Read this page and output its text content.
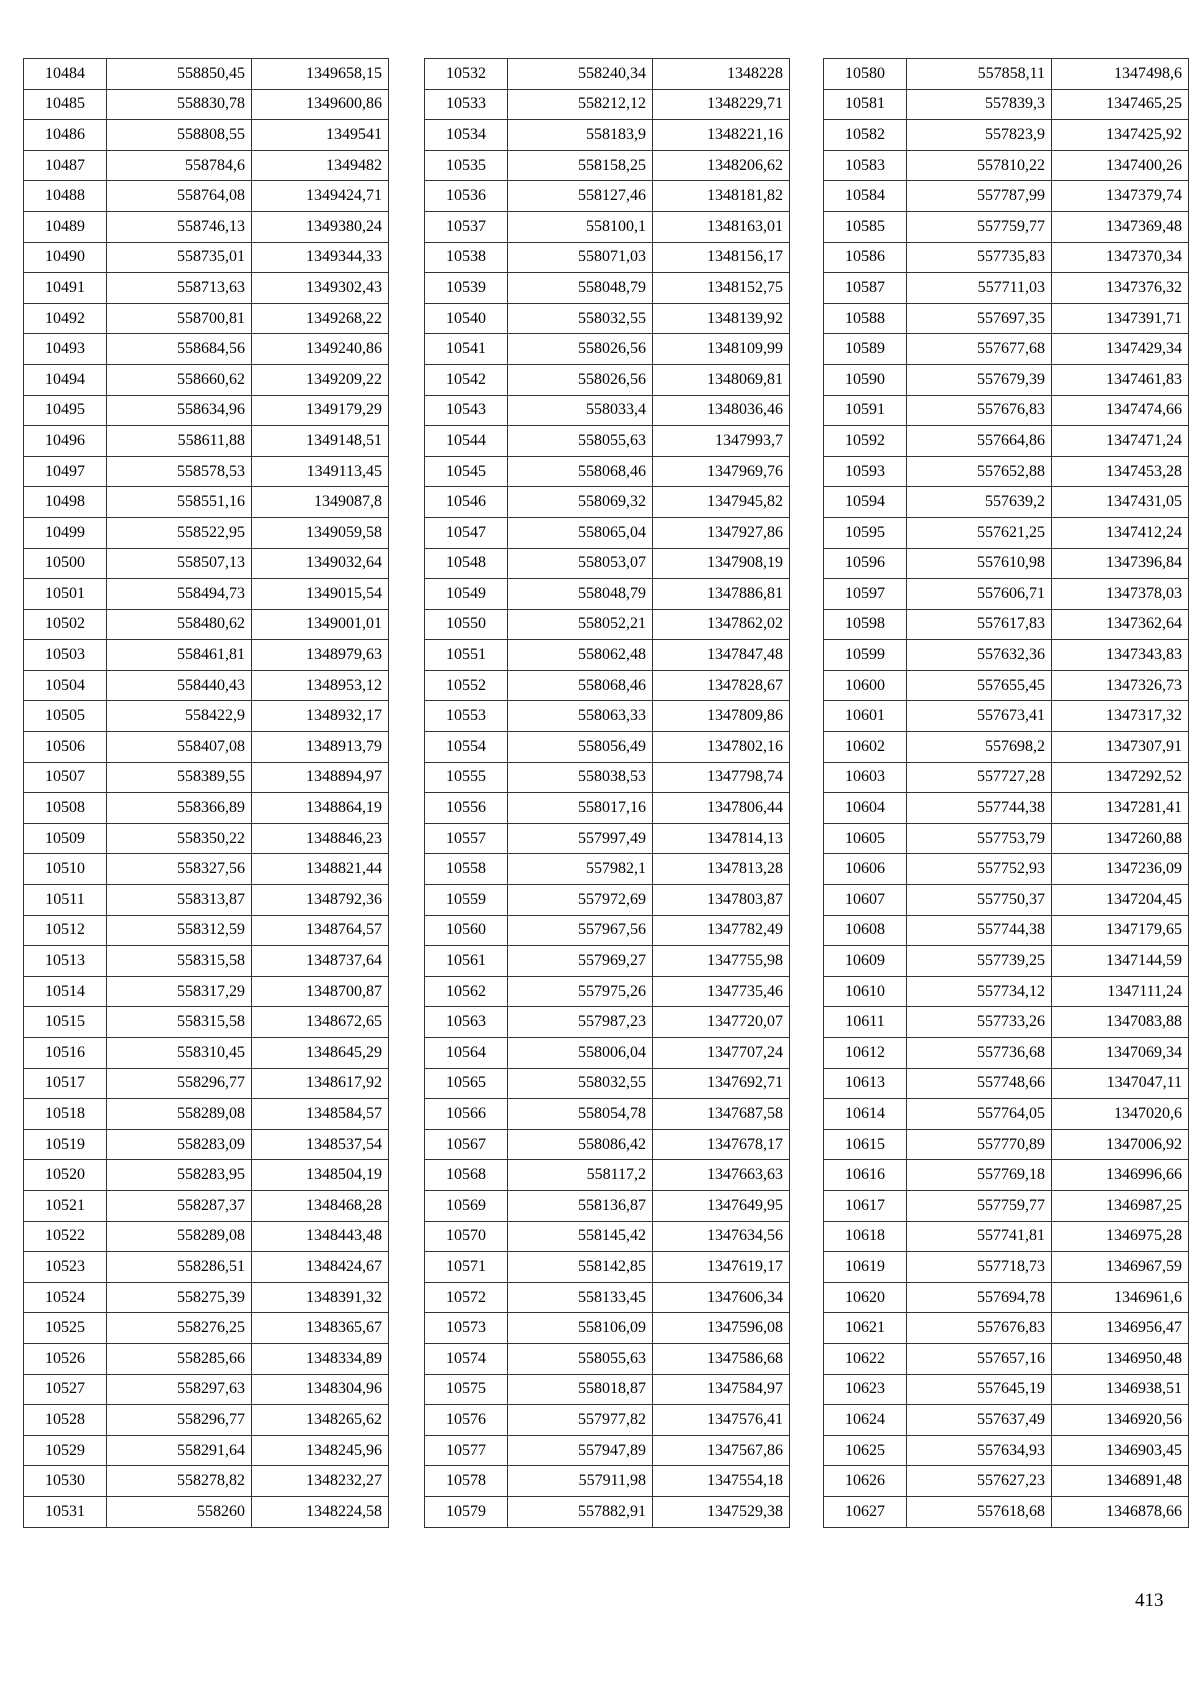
10484	558850,45	1349658,15
10485	558830,78	1349600,86
10486	558808,55	1349541
10487	558784,6	1349482
10488	558764,08	1349424,71
10489	558746,13	1349380,24
10490	558735,01	1349344,33
10491	558713,63	1349302,43
10492	558700,81	1349268,22
10493	558684,56	1349240,86
10494	558660,62	1349209,22
10495	558634,96	1349179,29
10496	558611,88	1349148,51
10497	558578,53	1349113,45
10498	558551,16	1349087,8
10499	558522,95	1349059,58
10500	558507,13	1349032,64
10501	558494,73	1349015,54
10502	558480,62	1349001,01
10503	558461,81	1348979,63
10504	558440,43	1348953,12
10505	558422,9	1348932,17
10506	558407,08	1348913,79
10507	558389,55	1348894,97
10508	558366,89	1348864,19
10509	558350,22	1348846,23
10510	558327,56	1348821,44
10511	558313,87	1348792,36
10512	558312,59	1348764,57
10513	558315,58	1348737,64
10514	558317,29	1348700,87
10515	558315,58	1348672,65
10516	558310,45	1348645,29
10517	558296,77	1348617,92
10518	558289,08	1348584,57
10519	558283,09	1348537,54
10520	558283,95	1348504,19
10521	558287,37	1348468,28
10522	558289,08	1348443,48
10523	558286,51	1348424,67
10524	558275,39	1348391,32
10525	558276,25	1348365,67
10526	558285,66	1348334,89
10527	558297,63	1348304,96
10528	558296,77	1348265,62
10529	558291,64	1348245,96
10530	558278,82	1348232,27
10531	558260	1348224,58
10532	558240,34	1348228
10533	558212,12	1348229,71
10534	558183,9	1348221,16
10535	558158,25	1348206,62
10536	558127,46	1348181,82
10537	558100,1	1348163,01
10538	558071,03	1348156,17
10539	558048,79	1348152,75
10540	558032,55	1348139,92
10541	558026,56	1348109,99
10542	558026,56	1348069,81
10543	558033,4	1348036,46
10544	558055,63	1347993,7
10545	558068,46	1347969,76
10546	558069,32	1347945,82
10547	558065,04	1347927,86
10548	558053,07	1347908,19
10549	558048,79	1347886,81
10550	558052,21	1347862,02
10551	558062,48	1347847,48
10552	558068,46	1347828,67
10553	558063,33	1347809,86
10554	558056,49	1347802,16
10555	558038,53	1347798,74
10556	558017,16	1347806,44
10557	557997,49	1347814,13
10558	557982,1	1347813,28
10559	557972,69	1347803,87
10560	557967,56	1347782,49
10561	557969,27	1347755,98
10562	557975,26	1347735,46
10563	557987,23	1347720,07
10564	558006,04	1347707,24
10565	558032,55	1347692,71
10566	558054,78	1347687,58
10567	558086,42	1347678,17
10568	558117,2	1347663,63
10569	558136,87	1347649,95
10570	558145,42	1347634,56
10571	558142,85	1347619,17
10572	558133,45	1347606,34
10573	558106,09	1347596,08
10574	558055,63	1347586,68
10575	558018,87	1347584,97
10576	557977,82	1347576,41
10577	557947,89	1347567,86
10578	557911,98	1347554,18
10579	557882,91	1347529,38
10580	557858,11	1347498,6
10581	557839,3	1347465,25
10582	557823,9	1347425,92
10583	557810,22	1347400,26
10584	557787,99	1347379,74
10585	557759,77	1347369,48
10586	557735,83	1347370,34
10587	557711,03	1347376,32
10588	557697,35	1347391,71
10589	557677,68	1347429,34
10590	557679,39	1347461,83
10591	557676,83	1347474,66
10592	557664,86	1347471,24
10593	557652,88	1347453,28
10594	557639,2	1347431,05
10595	557621,25	1347412,24
10596	557610,98	1347396,84
10597	557606,71	1347378,03
10598	557617,83	1347362,64
10599	557632,36	1347343,83
10600	557655,45	1347326,73
10601	557673,41	1347317,32
10602	557698,2	1347307,91
10603	557727,28	1347292,52
10604	557744,38	1347281,41
10605	557753,79	1347260,88
10606	557752,93	1347236,09
10607	557750,37	1347204,45
10608	557744,38	1347179,65
10609	557739,25	1347144,59
10610	557734,12	1347111,24
10611	557733,26	1347083,88
10612	557736,68	1347069,34
10613	557748,66	1347047,11
10614	557764,05	1347020,6
10615	557770,89	1347006,92
10616	557769,18	1346996,66
10617	557759,77	1346987,25
10618	557741,81	1346975,28
10619	557718,73	1346967,59
10620	557694,78	1346961,6
10621	557676,83	1346956,47
10622	557657,16	1346950,48
10623	557645,19	1346938,51
10624	557637,49	1346920,56
10625	557634,93	1346903,45
10626	557627,23	1346891,48
10627	557618,68	1346878,66
413
